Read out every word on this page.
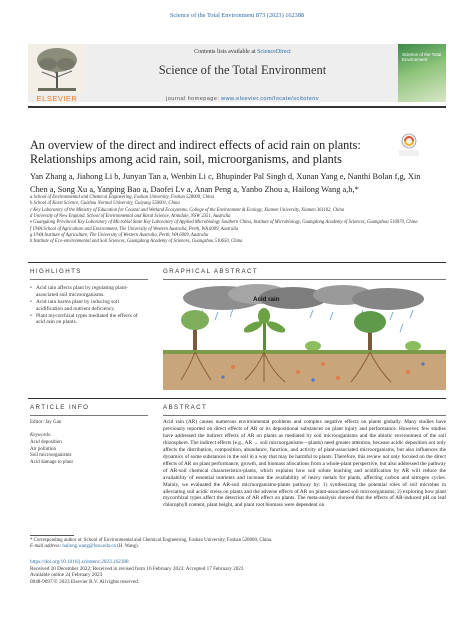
Science of the Total Environment 873 (2023) 162388
ELSEVIER
Contents lists available at ScienceDirect
Science of the Total Environment
journal homepage: www.elsevier.com/locate/scitotenv
Science of the Total Environment
An overview of the direct and indirect effects of acid rain on plants: Relationships among acid rain, soil, microorganisms, and plants
Yan Zhang a, Jiahong Li b, Junyan Tan a, Wenbin Li c, Bhupinder Pal Singh d, Xunan Yang e, Nanthi Bolan f,g, Xin Chen a, Song Xu a, Yanping Bao a, Daofei Lv a, Anan Peng a, Yanbo Zhou a, Hailong Wang a,h,*
a School of Environmental and Chemical Engineering, Foshan University, Foshan 528000, China
b School of Karst Science, Guizhou Normal University, Guiyang 550001, China
c Key Laboratory of the Ministry of Education for Coastal and Wetland Ecosystems, College of the Environment & Ecology, Xiamen University, Xiamen 361102, China
d University of New England, School of Environmental and Rural Science, Armidale, NSW 2351, Australia
e Guangdong Provincial Key Laboratory of Microbial State Key Laboratory of Applied Microbiology Southern China, Institute of Microbiology, Guangdong Academy of Sciences, Guangzhou 510070, China
f UWA School of Agriculture and Environment, The University of Western Australia, Perth, WA 6009, Australia
g UWA Institute of Agriculture, The University of Western Australia, Perth, WA 6009, Australia
h Institute of Eco-environmental and Soil Sciences, Guangdong Academy of Sciences, Guangzhou 510650, China
HIGHLIGHTS
• Acid rain affects plant by regulating plant-associated soil microorganisms.
• Acid rain harms plant by inducing soil acidification and nutrient deficiency.
• Plant mycorrhizal types mediated the effects of acid rain on plants.
GRAPHICAL ABSTRACT
Acid rain
ARTICLE INFO
Editor: Jay Gan
Keywords:
Acid deposition
Air pollution
Soil microorganisms
Acid damage to plant
ABSTRACT
Acid rain (AR) causes numerous environmental problems and complex negative effects on plants globally. Many studies have previously reported on direct effects of AR or its depositional substances on plant injury and performance. However, few studies have addressed the indirect effects of AR on plants as mediated by soil microorganisms and the abiotic environment of the soil rhizosphere. The indirect effects (e.g., AR → soil microorganisms—plants) need greater attention, because acidic deposition not only affects the distribution, composition, abundance, function, and activity of plant-associated microorganisms, but also influences the dynamics of some substances in the soil in a way that may be harmful to plants. Therefore, this review not only focused on the direct effects of AR on plant performance, growth, and biomass allocations from a whole-plant perspective, but also addressed the pathway of AR-soil chemical characteristics-plants, which explains how soil solute leaching and acidification by AR will reduce the availability of essential nutrients and increase the availability of heavy metals for plants, affecting carbon and nitrogen cycles. Mainly, we evaluated the AR-soil microorganisms-plants pathway by: 1) synthesizing the potential roles of soil microbes in alleviating soil acidic stress on plants and the adverse effects of AR on plant-associated soil microorganisms; 2) exploring how plant mycorrhizal types affect the detection of AR effect on plants. The meta-analysis showed that the effects of AR-induced pH on leaf chlorophyll content, plant height, and plant root biomass were dependent on
* Corresponding author at: School of Environmental and Chemical Engineering, Foshan University, Foshan 528000, China.
E-mail address: hailong.wang@fosu.edu.cn (H. Wang).
https://doi.org/10.1016/j.scitotenv.2023.162388
Received 20 December 2022; Received in revised form 16 February 2023; Accepted 17 February 2023
Available online 24 February 2023
0048-9697/© 2023 Elsevier B.V. All rights reserved.
